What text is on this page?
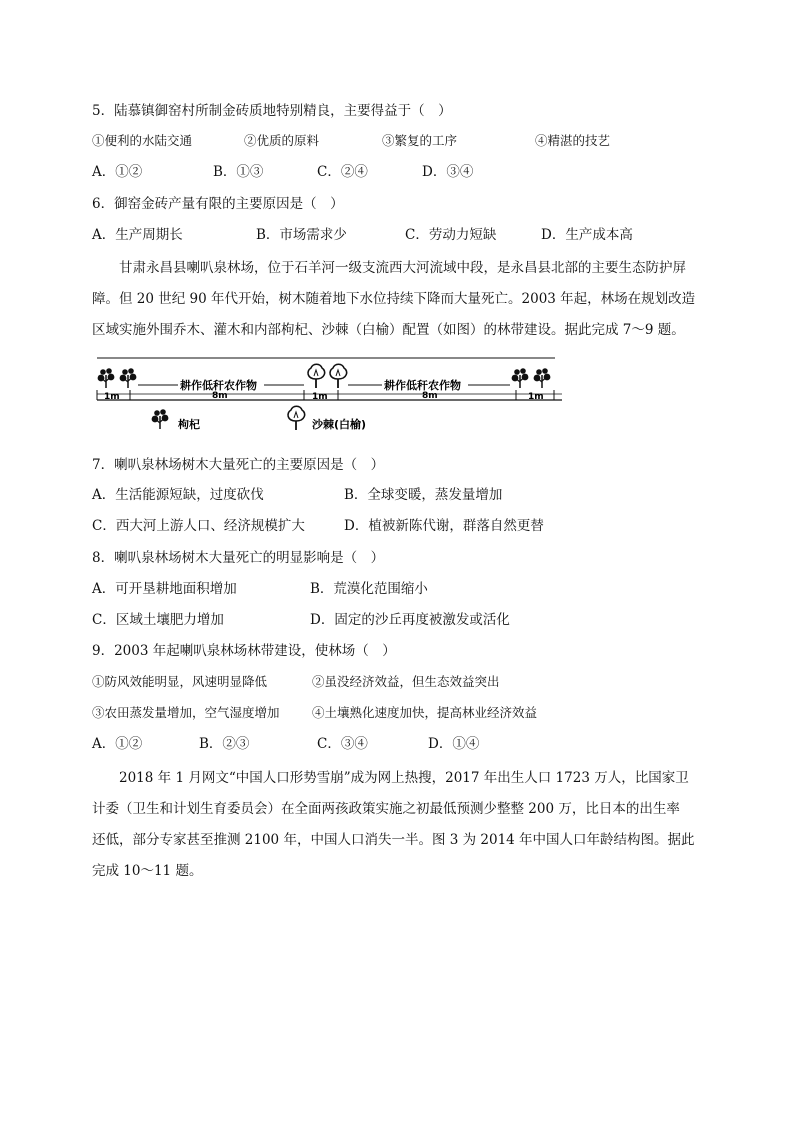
5．陆慕镇御窑村所制金砖质地特别精良，主要得益于（　）
①便利的水陆交通	②优质的原料	③繁复的工序	④精湛的技艺
A．①②	B．①③	C．②④	D．③④
6．御窑金砖产量有限的主要原因是（　）
A．生产周期长	B．市场需求少	C．劳动力短缺	D．生产成本高
甘肃永昌县喇叭泉林场，位于石羊河一级支流西大河流域中段，是永昌县北部的主要生态防护屏
障。但 20 世纪 90 年代开始，树木随着地下水位持续下降而大量死亡。2003 年起，林场在规划改造
区域实施外围乔木、灌木和内部枸杞、沙棘（白榆）配置（如图）的林带建设。据此完成 7～9 题。
耕作低秆农作物	耕作低秆农作物
1m	8m	1m	8m	1m
枸杞	沙棘(白榆)
7．喇叭泉林场树木大量死亡的主要原因是（　）
A．生活能源短缺，过度砍伐	B．全球变暖，蒸发量增加
C．西大河上游人口、经济规模扩大	D．植被新陈代谢，群落自然更替
8．喇叭泉林场树木大量死亡的明显影响是（　）
A．可开垦耕地面积增加	B．荒漠化范围缩小
C．区域土壤肥力增加	D．固定的沙丘再度被激发或活化
9．2003 年起喇叭泉林场林带建设，使林场（　）
①防风效能明显，风速明显降低	②虽没经济效益，但生态效益突出
③农田蒸发量增加，空气湿度增加	④土壤熟化速度加快，提高林业经济效益
A．①②	B．②③	C．③④	D．①④
2018 年 1 月网文“中国人口形势雪崩”成为网上热搜，2017 年出生人口 1723 万人，比国家卫
计委（卫生和计划生育委员会）在全面两孩政策实施之初最低预测少整整 200 万，比日本的出生率
还低，部分专家甚至推测 2100 年，中国人口消失一半。图 3 为 2014 年中国人口年龄结构图。据此
完成 10～11 题。
